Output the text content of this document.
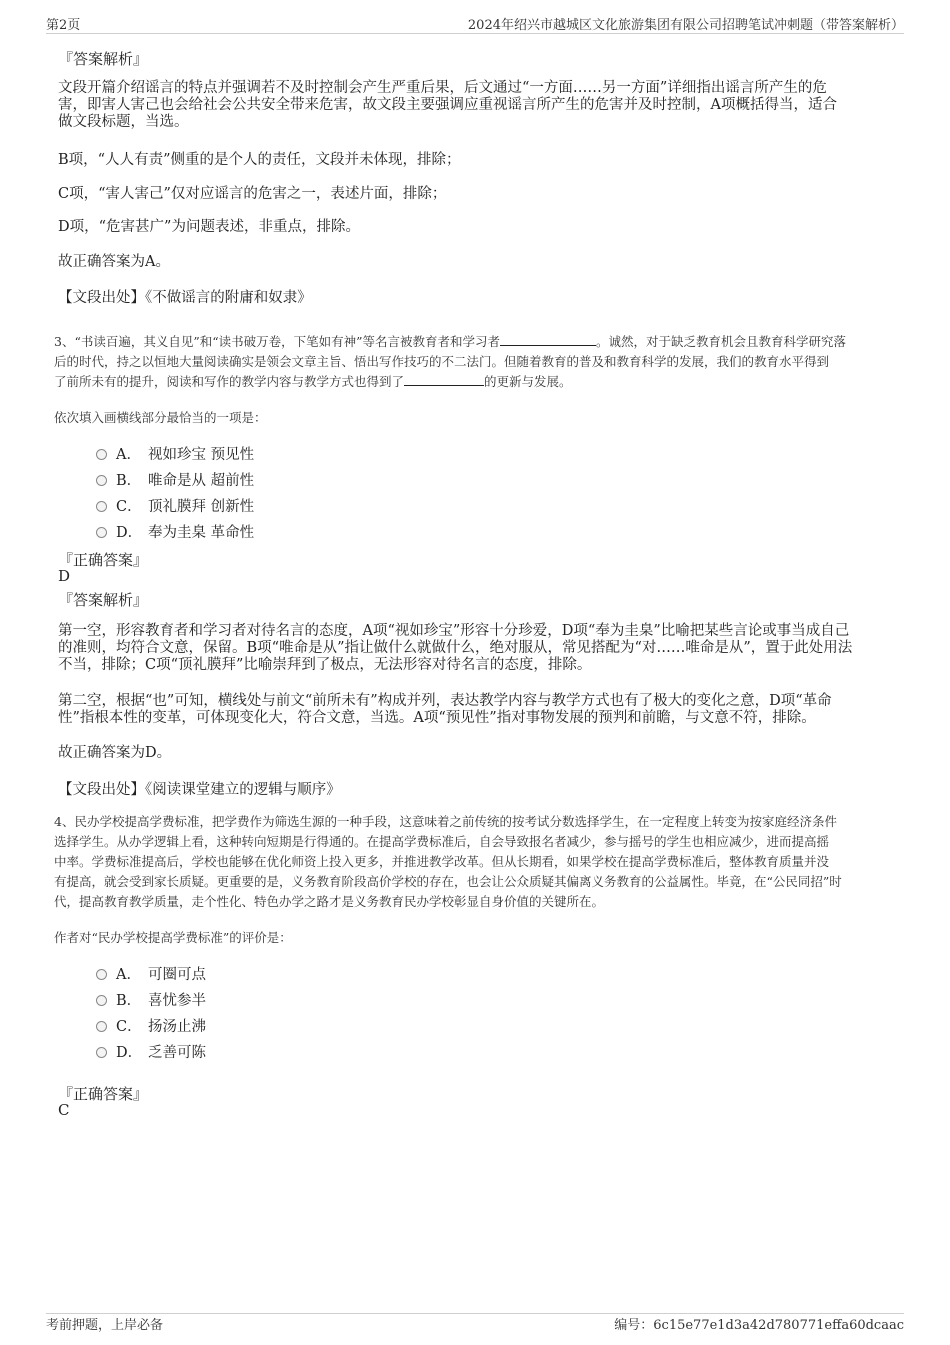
第2页	2024年绍兴市越城区文化旅游集团有限公司招聘笔试冲刺题（带答案解析）
『答案解析』
文段开篇介绍谣言的特点并强调若不及时控制会产生严重后果，后文通过“一方面……另一方面”详细指出谣言所产生的危
害，即害人害己也会给社会公共安全带来危害，故文段主要强调应重视谣言所产生的危害并及时控制，A项概括得当，适合
做文段标题，当选。
B项，“人人有责”侧重的是个人的责任，文段并未体现，排除；
C项，“害人害己”仅对应谣言的危害之一，表述片面，排除；
D项，“危害甚广”为问题表述，非重点，排除。
故正确答案为A。
【文段出处】《不做谣言的附庸和奴隶》
3、“书读百遍，其义自见”和“读书破万卷，下笔如有神”等名言被教育者和学习者	。诚然，对于缺乏教育机会且教育科学研究落
后的时代，持之以恒地大量阅读确实是领会文章主旨、悟出写作技巧的不二法门。但随着教育的普及和教育科学的发展，我们的教育水平得到
了前所未有的提升，阅读和写作的教学内容与教学方式也得到了	的更新与发展。
依次填入画横线部分最恰当的一项是：
A． 视如珍宝 预见性
B． 唯命是从 超前性
C． 顶礼膜拜 创新性
D． 奉为圭臬 革命性
『正确答案』
D
『答案解析』
第一空，形容教育者和学习者对待名言的态度，A项“视如珍宝”形容十分珍爱，D项“奉为圭臬”比喻把某些言论或事当成自己
的准则，均符合文意，保留。B项“唯命是从”指让做什么就做什么，绝对服从，常见搭配为“对……唯命是从”，置于此处用法
不当，排除；C项“顶礼膜拜”比喻崇拜到了极点，无法形容对待名言的态度，排除。
第二空，根据“也”可知，横线处与前文“前所未有”构成并列，表达教学内容与教学方式也有了极大的变化之意，D项“革命
性”指根本性的变革，可体现变化大，符合文意，当选。A项“预见性”指对事物发展的预判和前瞻，与文意不符，排除。
故正确答案为D。
【文段出处】《阅读课堂建立的逻辑与顺序》
4、民办学校提高学费标准，把学费作为筛选生源的一种手段，这意味着之前传统的按考试分数选择学生，在一定程度上转变为按家庭经济条件
选择学生。从办学逻辑上看，这种转向短期是行得通的。在提高学费标准后，自会导致报名者减少，参与摇号的学生也相应减少，进而提高摇
中率。学费标准提高后，学校也能够在优化师资上投入更多，并推进教学改革。但从长期看，如果学校在提高学费标准后，整体教育质量并没
有提高，就会受到家长质疑。更重要的是，义务教育阶段高价学校的存在，也会让公众质疑其偏离义务教育的公益属性。毕竟，在“公民同招”时
代，提高教育教学质量，走个性化、特色办学之路才是义务教育民办学校彰显自身价值的关键所在。
作者对“民办学校提高学费标准”的评价是：
A． 可圈可点
B． 喜忧参半
C． 扬汤止沸
D． 乏善可陈
『正确答案』
C
考前押题，上岸必备	编号：6c15e77e1d3a42d780771effa60dcaac
